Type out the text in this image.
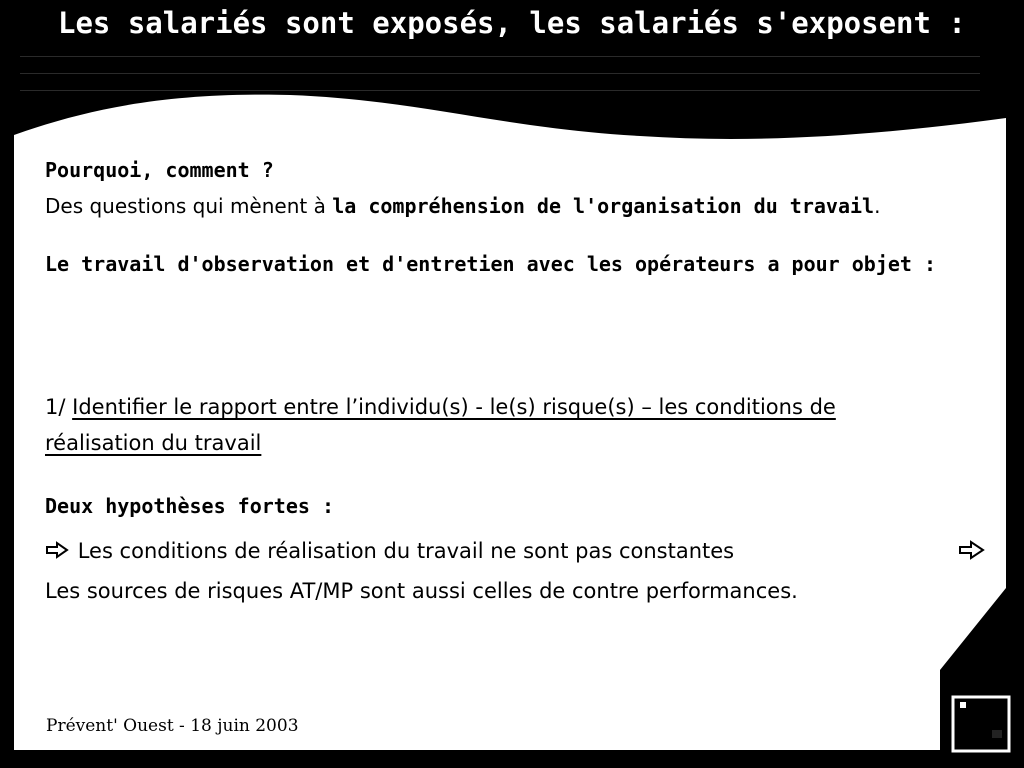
Les salariés sont exposés, les salariés s'exposent :
Pourquoi, comment ?
Des questions qui mènent à la compréhension de l'organisation du travail.
Le travail d'observation et d'entretien avec les opérateurs a pour objet :
1/ Identifier le rapport entre l’individu(s) - le(s) risque(s) – les conditions de
réalisation du travail
Deux hypothèses fortes :
Les conditions de réalisation du travail ne sont pas constantes
Les sources de risques AT/MP sont aussi celles de contre performances.
Prévent' Ouest - 18 juin 2003
